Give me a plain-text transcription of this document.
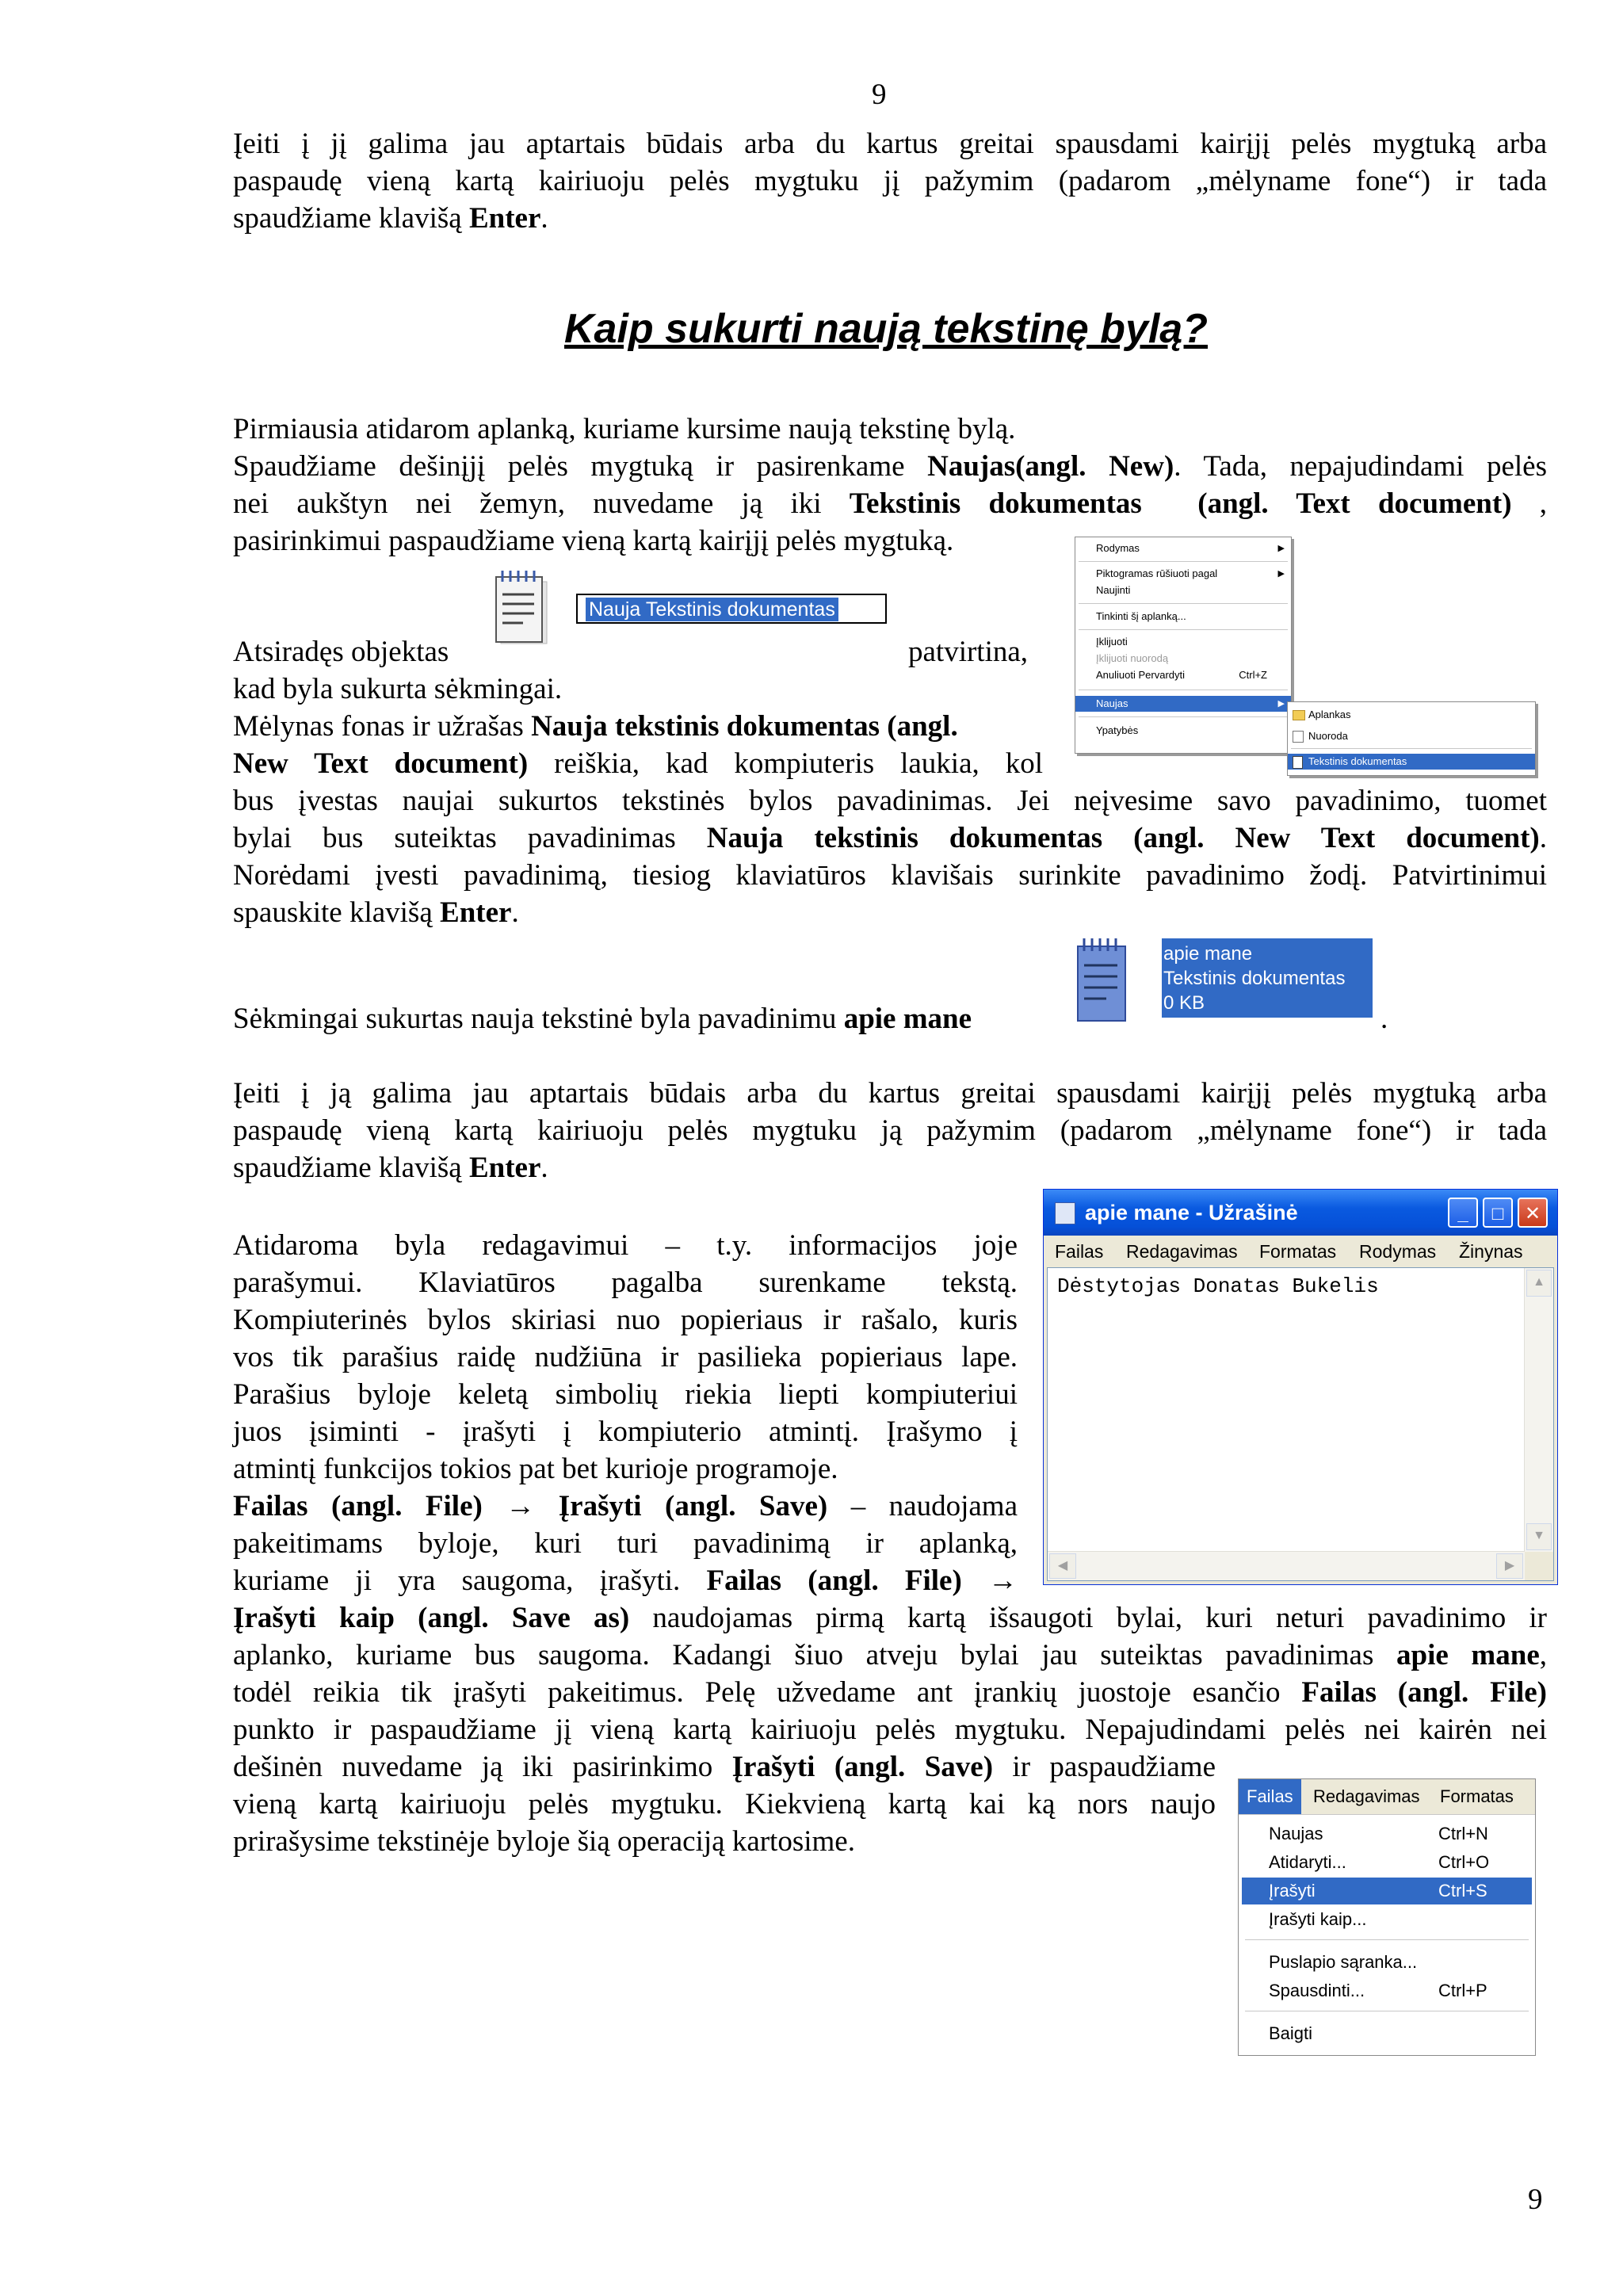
9
Įeiti į jį galima jau aptartais būdais arba du kartus greitai spausdami kairįjį pelės mygtuką arba
paspaudę vieną kartą kairiuoju pelės mygtuku jį pažymim (padarom „mėlyname fone“) ir tada
spaudžiame klavišą Enter.
Kaip sukurti naują tekstinę bylą?
Pirmiausia atidarom aplanką, kuriame kursime naują tekstinę bylą.
Spaudžiame dešinįjį pelės mygtuką ir pasirenkame Naujas(angl. New). Tada, nepajudindami pelės
nei aukštyn nei žemyn, nuvedame ją iki Tekstinis dokumentas (angl. Text document) ,
pasirinkimui paspaudžiame vieną kartą kairįjį pelės mygtuką.
Nauja Tekstinis dokumentas
Atsiradęs objektas	patvirtina,
kad byla sukurta sėkmingai.
Mėlynas fonas ir užrašas Nauja tekstinis dokumentas (angl.
New Text document) reiškia, kad kompiuteris laukia, kol
Rodymas	▶
Piktogramas rūšiuoti pagal	▶
Naujinti
Tinkinti šį aplanką...
Įklijuoti
Įklijuoti nuorodą
Anuliuoti Pervardyti	Ctrl+Z
Naujas	▶
Ypatybės
Aplankas
Nuoroda
Tekstinis dokumentas
bus įvestas naujai sukurtos tekstinės bylos pavadinimas. Jei neįvesime savo pavadinimo, tuomet
bylai bus suteiktas pavadinimas Nauja tekstinis dokumentas (angl. New Text document).
Norėdami įvesti pavadinimą, tiesiog klaviatūros klavišais surinkite pavadinimo žodį. Patvirtinimui
spauskite klavišą Enter.
apie mane
Tekstinis dokumentas
0 KB
Sėkmingai sukurtas nauja tekstinė byla pavadinimu apie mane	.
Įeiti į ją galima jau aptartais būdais arba du kartus greitai spausdami kairįjį pelės mygtuką arba
paspaudę vieną kartą kairiuoju pelės mygtuku ją pažymim (padarom „mėlyname fone“) ir tada
spaudžiame klavišą Enter.
Atidaroma byla redagavimui – t.y. informacijos joje
parašymui. Klaviatūros pagalba surenkame tekstą.
Kompiuterinės bylos skiriasi nuo popieriaus ir rašalo, kuris
vos tik parašius raidę nudžiūna ir pasilieka popieriaus lape.
Parašius byloje keletą simbolių riekia liepti kompiuteriui
juos įsiminti - įrašyti į kompiuterio atmintį. Įrašymo į
atmintį funkcijos tokios pat bet kurioje programoje.
Failas (angl. File) → Įrašyti (angl. Save) – naudojama
pakeitimams byloje, kuri turi pavadinimą ir aplanką,
kuriame ji yra saugoma, įrašyti. Failas (angl. File) →
Įrašyti kaip (angl. Save as) naudojamas pirmą kartą išsaugoti bylai, kuri neturi pavadinimo ir
aplanko, kuriame bus saugoma. Kadangi šiuo atveju bylai jau suteiktas pavadinimas apie mane,
todėl reikia tik įrašyti pakeitimus. Pelę užvedame ant įrankių juostoje esančio Failas (angl. File)
punkto ir paspaudžiame jį vieną kartą kairiuoju pelės mygtuku. Nepajudindami pelės nei kairėn nei
dešinėn nuvedame ją iki pasirinkimo Įrašyti (angl. Save) ir paspaudžiame
vieną kartą kairiuoju pelės mygtuku. Kiekvieną kartą kai ką nors naujo
prirašysime tekstinėje byloje šią operaciją kartosime.
apie mane - Užrašinė	_	□	✕
Failas Redagavimas Formatas Rodymas Žinynas
Dėstytojas Donatas Bukelis	▲
▼
◀	▶
Failas	Redagavimas Formatas
Naujas	Ctrl+N
Atidaryti...	Ctrl+O
Įrašyti	Ctrl+S
Įrašyti kaip...
Puslapio sąranka...
Spausdinti...	Ctrl+P
Baigti
9
